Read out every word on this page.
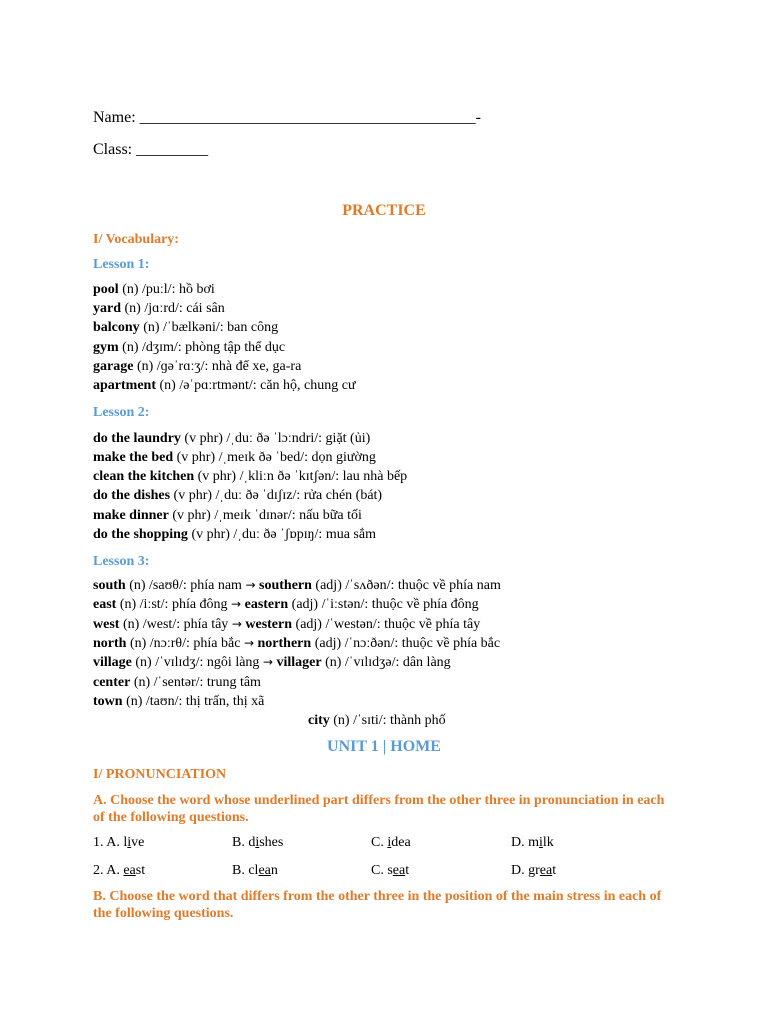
Name: __________________________________________-
Class: _________
PRACTICE
I/ Vocabulary:
Lesson 1:
pool (n) /puːl/: hồ bơi
yard (n) /jɑːrd/: cái sân
balcony (n) /ˈbælkəni/: ban công
gym (n) /dʒɪm/: phòng tập thể dục
garage (n) /ɡəˈrɑːʒ/: nhà để xe, ga-ra
apartment (n) /əˈpɑːrtmənt/: căn hộ, chung cư
Lesson 2:
do the laundry (v phr) /ˌduː ðə ˈlɔːndri/: giặt (ủi)
make the bed (v phr) /ˌmeɪk ðə ˈbed/: dọn giường
clean the kitchen (v phr) /ˌkliːn ðə ˈkɪtʃən/: lau nhà bếp
do the dishes (v phr) /ˌduː ðə ˈdɪʃɪz/: rửa chén (bát)
make dinner (v phr) /ˌmeɪk ˈdɪnər/: nấu bữa tối
do the shopping (v phr) /ˌduː ðə ˈʃɒpɪŋ/: mua sắm
Lesson 3:
south (n) /saʊθ/: phía nam → southern (adj) /ˈsʌðən/: thuộc về phía nam
east (n) /iːst/: phía đông → eastern (adj) /ˈiːstən/: thuộc về phía đông
west (n) /west/: phía tây → western (adj) /ˈwestən/: thuộc về phía tây
north (n) /nɔːrθ/: phía bắc → northern (adj) /ˈnɔːðən/: thuộc về phía bắc
village (n) /ˈvɪlɪdʒ/: ngôi làng → villager (n) /ˈvɪlɪdʒə/: dân làng
center (n) /ˈsentər/: trung tâm
town (n) /taʊn/: thị trấn, thị xã
city (n) /ˈsɪti/: thành phố
UNIT 1 | HOME
I/ PRONUNCIATION
A. Choose the word whose underlined part differs from the other three in pronunciation in each of the following questions.
1. A. live	B. dishes	C. idea	D. milk
2. A. east	B. clean	C. seat	D. great
B. Choose the word that differs from the other three in the position of the main stress in each of the following questions.
